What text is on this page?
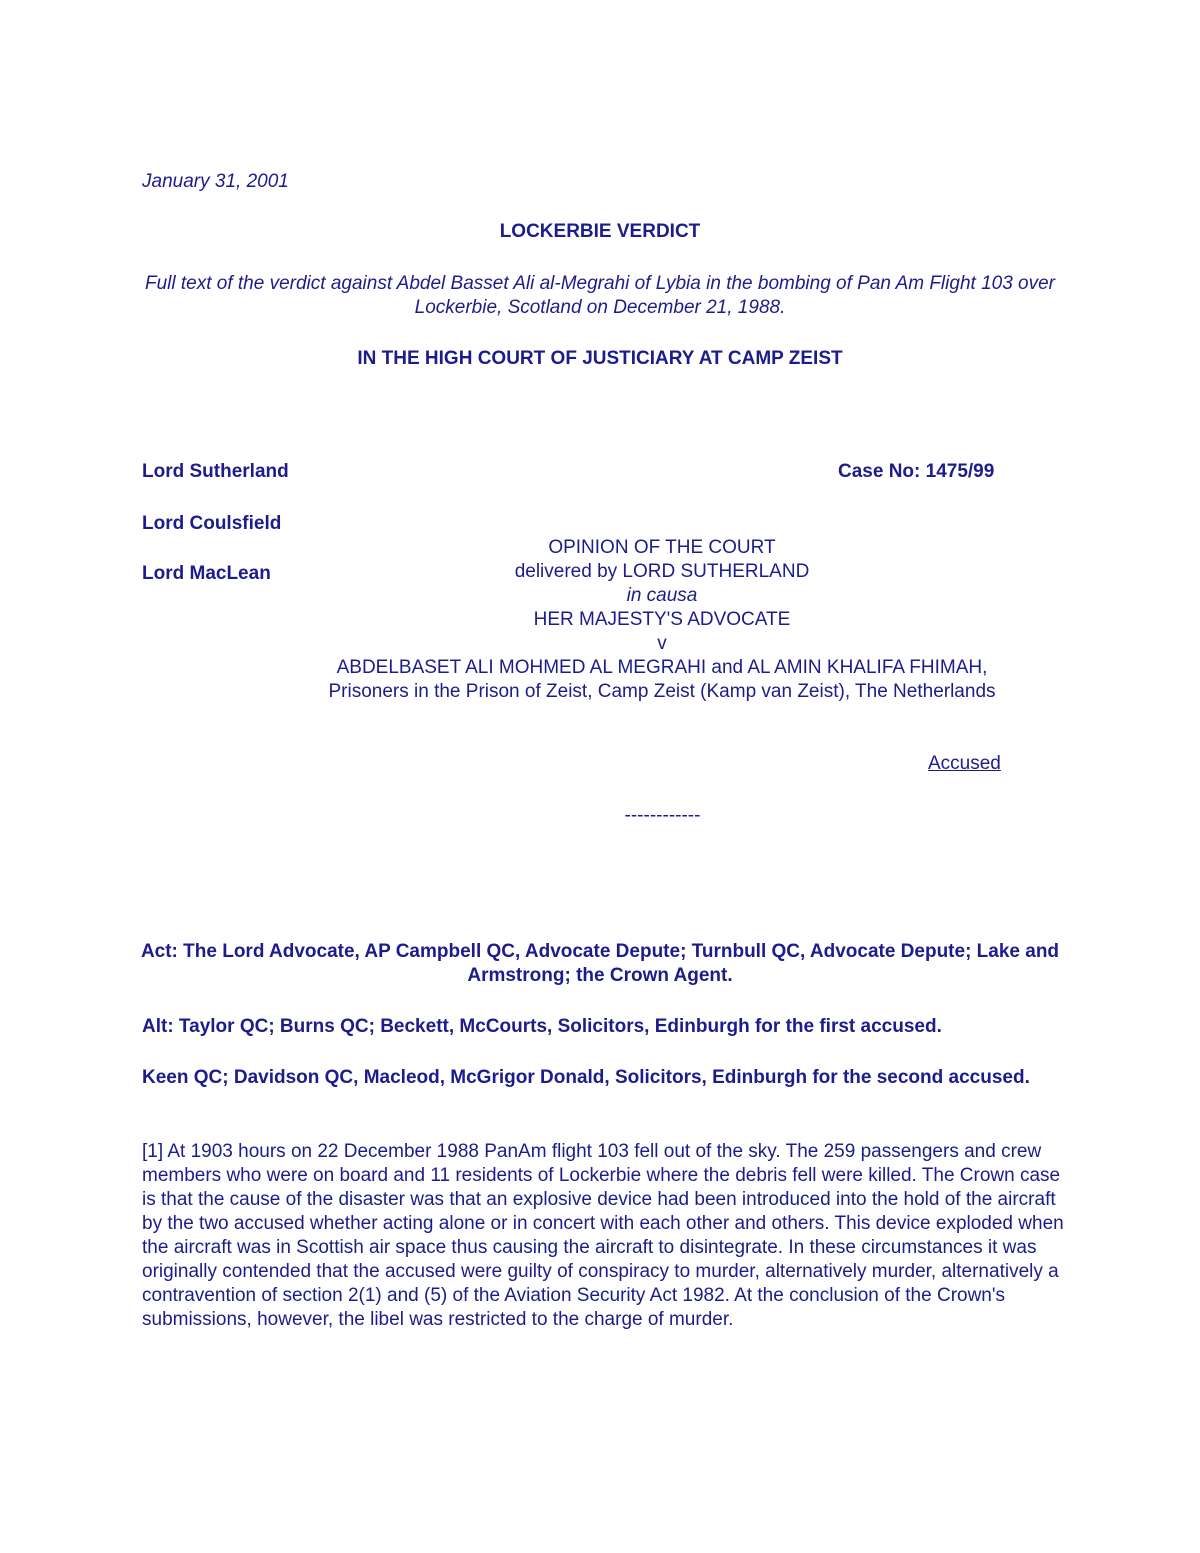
January 31, 2001
LOCKERBIE VERDICT
Full text of the verdict against Abdel Basset Ali al-Megrahi of Lybia in the bombing of Pan Am Flight 103 over Lockerbie, Scotland on December 21, 1988.
IN THE HIGH COURT OF JUSTICIARY AT CAMP ZEIST
Lord Sutherland
Lord Coulsfield
Lord MacLean
Case No: 1475/99
OPINION OF THE COURT
delivered by LORD SUTHERLAND
in causa
HER MAJESTY'S ADVOCATE
v
ABDELBASET ALI MOHMED AL MEGRAHI and AL AMIN KHALIFA FHIMAH, Prisoners in the Prison of Zeist, Camp Zeist (Kamp van Zeist), The Netherlands
Accused
------------
Act: The Lord Advocate, AP Campbell QC, Advocate Depute; Turnbull QC, Advocate Depute; Lake and Armstrong; the Crown Agent.
Alt: Taylor QC; Burns QC; Beckett, McCourts, Solicitors, Edinburgh for the first accused.
Keen QC; Davidson QC, Macleod, McGrigor Donald, Solicitors, Edinburgh for the second accused.
[1] At 1903 hours on 22 December 1988 PanAm flight 103 fell out of the sky. The 259 passengers and crew members who were on board and 11 residents of Lockerbie where the debris fell were killed. The Crown case is that the cause of the disaster was that an explosive device had been introduced into the hold of the aircraft by the two accused whether acting alone or in concert with each other and others. This device exploded when the aircraft was in Scottish air space thus causing the aircraft to disintegrate. In these circumstances it was originally contended that the accused were guilty of conspiracy to murder, alternatively murder, alternatively a contravention of section 2(1) and (5) of the Aviation Security Act 1982. At the conclusion of the Crown's submissions, however, the libel was restricted to the charge of murder.
